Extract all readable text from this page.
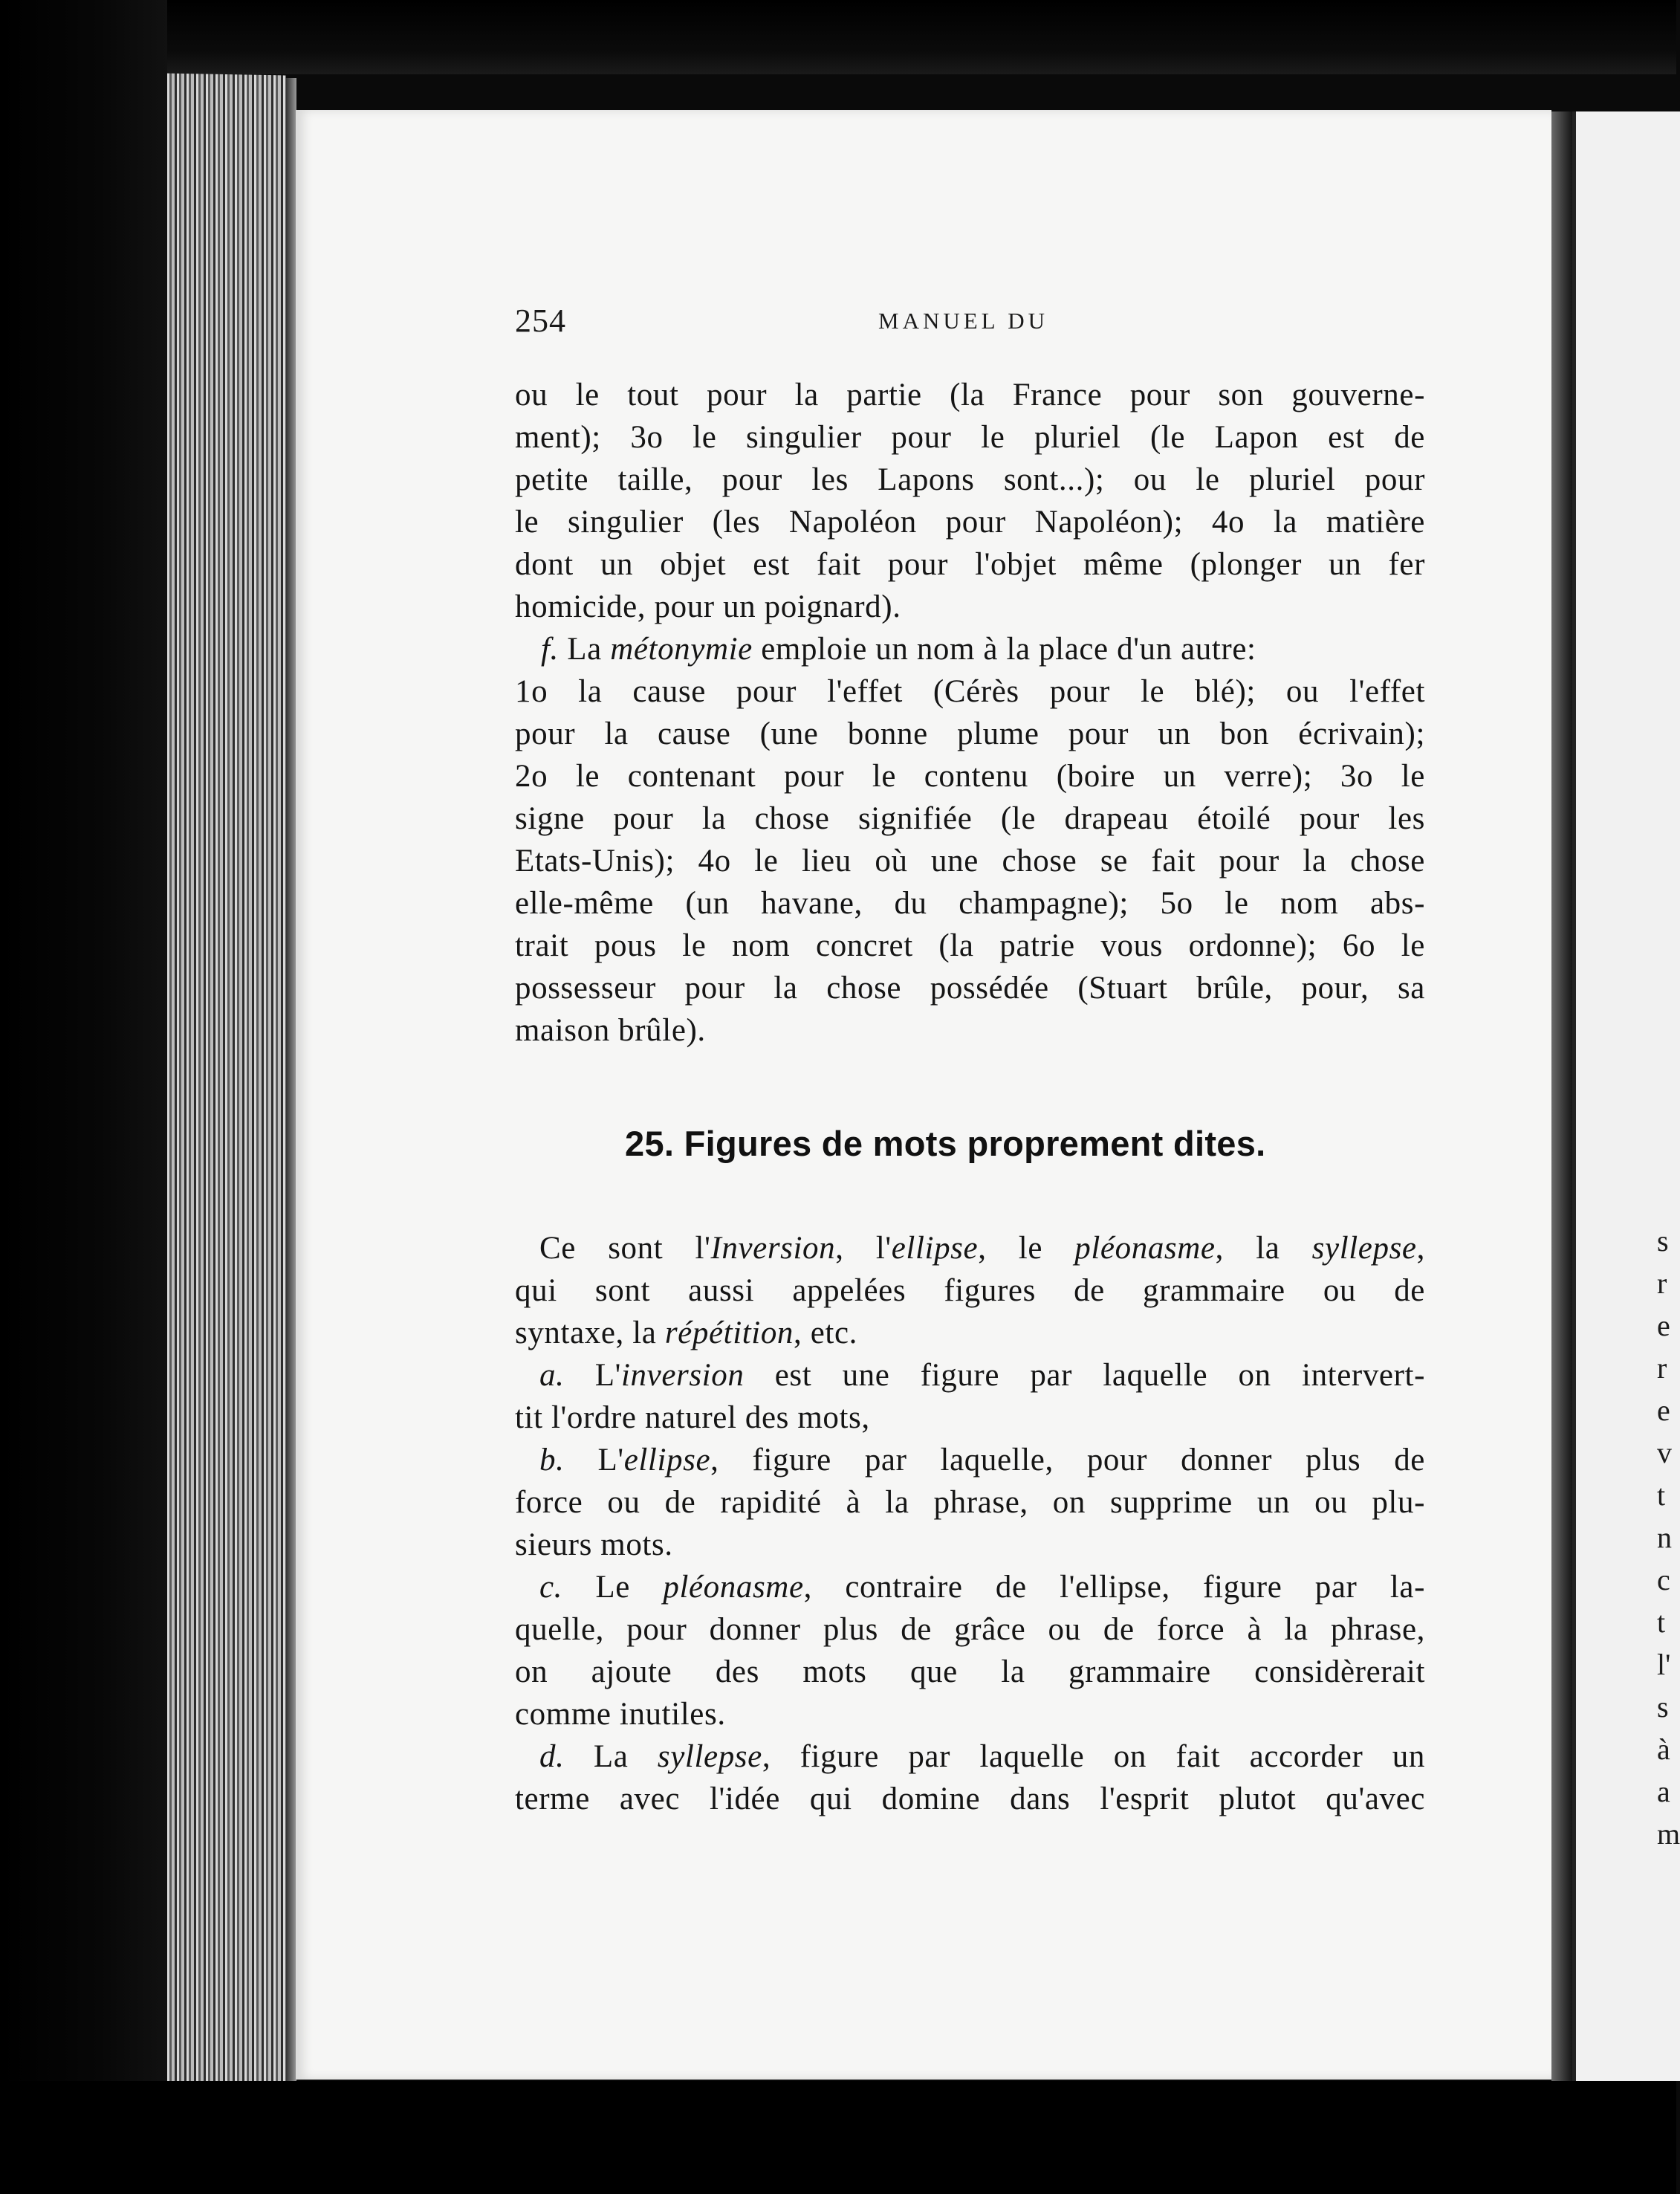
s
r
e
r
e
v
t
n
c
t
l'
s
à
a
m
254	MANUEL DU
ou le tout pour la partie (la France pour son gouverne-
ment); 3o le singulier pour le pluriel (le Lapon est de
petite taille, pour les Lapons sont...); ou le pluriel pour
le singulier (les Napoléon pour Napoléon); 4o la matière
dont un objet est fait pour l'objet même (plonger un fer
homicide, pour un poignard).
f. La métonymie emploie un nom à la place d'un autre:
1o la cause pour l'effet (Cérès pour le blé); ou l'effet
pour la cause (une bonne plume pour un bon écrivain);
2o le contenant pour le contenu (boire un verre); 3o le
signe pour la chose signifiée (le drapeau étoilé pour les
Etats-Unis); 4o le lieu où une chose se fait pour la chose
elle-même (un havane, du champagne); 5o le nom abs-
trait pous le nom concret (la patrie vous ordonne); 6o le
possesseur pour la chose possédée (Stuart brûle, pour, sa
maison brûle).
25. Figures de mots proprement dites.
Ce sont l'Inversion, l'ellipse, le pléonasme, la syllepse,
qui sont aussi appelées figures de grammaire ou de
syntaxe, la répétition, etc.
a. L'inversion est une figure par laquelle on intervert-
tit l'ordre naturel des mots,
b. L'ellipse, figure par laquelle, pour donner plus de
force ou de rapidité à la phrase, on supprime un ou plu-
sieurs mots.
c. Le pléonasme, contraire de l'ellipse, figure par la-
quelle, pour donner plus de grâce ou de force à la phrase,
on ajoute des mots que la grammaire considèrerait
comme inutiles.
d. La syllepse, figure par laquelle on fait accorder un
terme avec l'idée qui domine dans l'esprit plutot qu'avec
